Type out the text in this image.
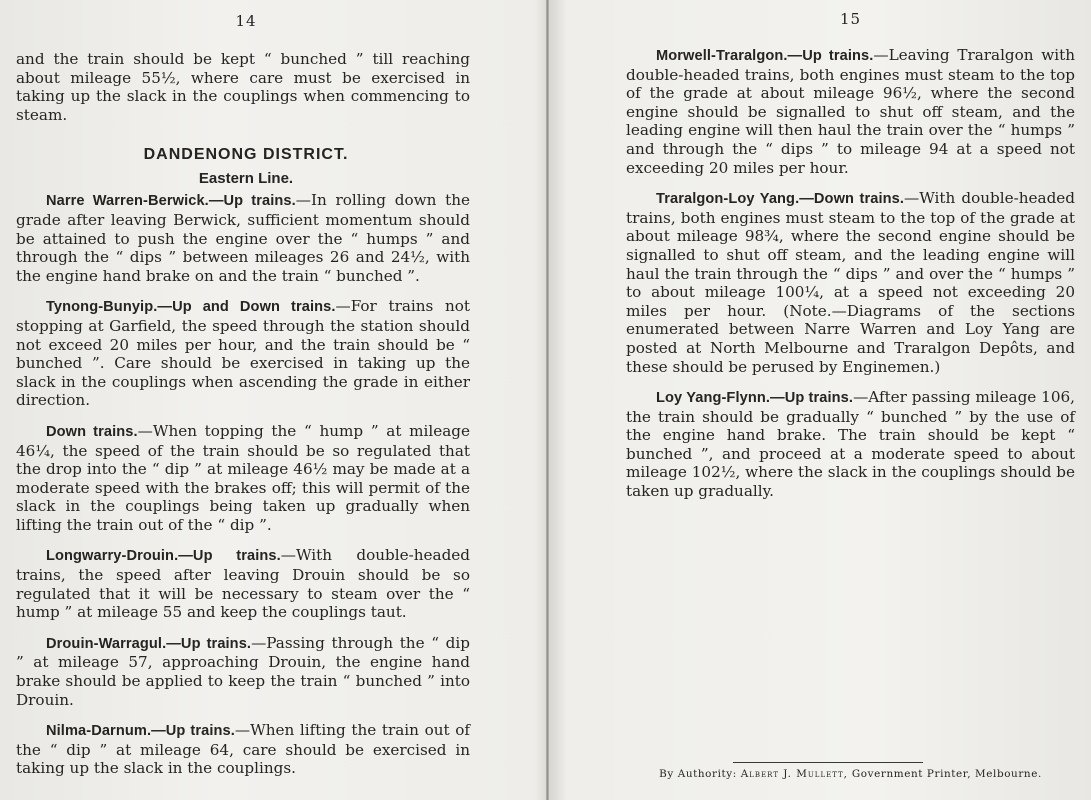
14

and the train should be kept “ bunched ” till reaching about mileage 55½, where care must be exercised in taking up the slack in the couplings when commencing to steam.

DANDENONG DISTRICT.
Eastern Line.

Narre Warren-Berwick.—Up trains.—In rolling down the grade after leaving Berwick, sufficient momentum should be attained to push the engine over the “ humps ” and through the “ dips ” between mileages 26 and 24½, with the engine hand brake on and the train “ bunched ”.

Tynong-Bunyip.—Up and Down trains.—For trains not stopping at Garfield, the speed through the station should not exceed 20 miles per hour, and the train should be “ bunched ”. Care should be exercised in taking up the slack in the couplings when ascending the grade in either direction.

Down trains.—When topping the “ hump ” at mileage 46¼, the speed of the train should be so regulated that the drop into the “ dip ” at mileage 46½ may be made at a moderate speed with the brakes off; this will permit of the slack in the couplings being taken up gradually when lifting the train out of the “ dip ”.

Longwarry-Drouin.—Up trains.—With double-headed trains, the speed after leaving Drouin should be so regulated that it will be necessary to steam over the “ hump ” at mileage 55 and keep the couplings taut.

Drouin-Warragul.—Up trains.—Passing through the “ dip ” at mileage 57, approaching Drouin, the engine hand brake should be applied to keep the train “ bunched ” into Drouin.

Nilma-Darnum.—Up trains.—When lifting the train out of the “ dip ” at mileage 64, care should be exercised in taking up the slack in the couplings.

15

Morwell-Traralgon.—Up trains.—Leaving Traralgon with double-headed trains, both engines must steam to the top of the grade at about mileage 96½, where the second engine should be signalled to shut off steam, and the leading engine will then haul the train over the “ humps ” and through the “ dips ” to mileage 94 at a speed not exceeding 20 miles per hour.

Traralgon-Loy Yang.—Down trains.—With double-headed trains, both engines must steam to the top of the grade at about mileage 98¾, where the second engine should be signalled to shut off steam, and the leading engine will haul the train through the “ dips ” and over the “ humps ” to about mileage 100¼, at a speed not exceeding 20 miles per hour. (Note.—Diagrams of the sections enumerated between Narre Warren and Loy Yang are posted at North Melbourne and Traralgon Depôts, and these should be perused by Enginemen.)

Loy Yang-Flynn.—Up trains.—After passing mileage 106, the train should be gradually “ bunched ” by the use of the engine hand brake. The train should be kept “ bunched ”, and proceed at a moderate speed to about mileage 102½, where the slack in the couplings should be taken up gradually.

By Authority: Albert J. Mullett, Government Printer, Melbourne.
